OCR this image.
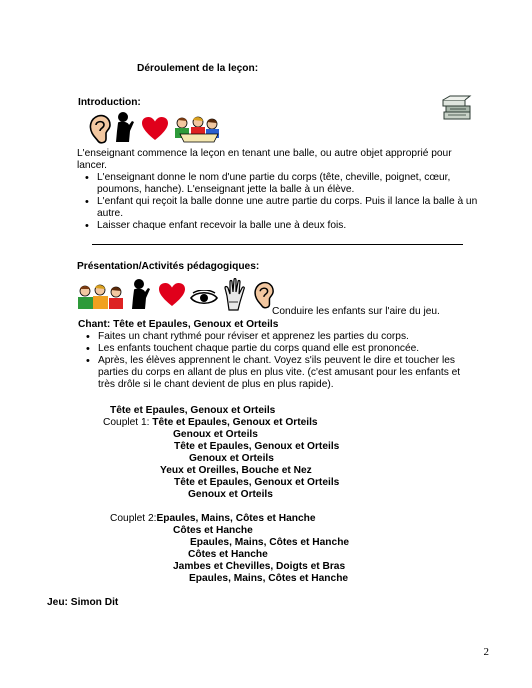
Déroulement de la leçon:
Introduction:
L'enseignant commence la leçon en tenant une balle, ou autre objet approprié pour lancer.
• L'enseignant donne le nom d'une partie du corps (tête, cheville, poignet, cœur, poumons, hanche). L'enseignant jette la balle à un élève.
• L'enfant qui reçoit la balle donne une autre partie du corps. Puis il lance la balle à un autre.
• Laisser chaque enfant recevoir la balle une à deux fois.
Présentation/Activités pédagogiques:
Conduire les enfants sur l'aire du jeu.
Chant: Tête et Epaules, Genoux et Orteils
• Faites un chant rythmé pour réviser et apprenez les parties du corps.
• Les enfants touchent chaque partie du corps quand elle est prononcée.
• Après, les élèves apprennent le chant. Voyez s'ils peuvent le dire et toucher les parties du corps en allant de plus en plus vite. (c'est amusant pour les enfants et très drôle si le chant devient de plus en plus rapide).
Tête et Epaules, Genoux et Orteils
Couplet 1: Tête et Epaules, Genoux et Orteils
Genoux et Orteils
Tête et Epaules, Genoux et Orteils
Genoux et Orteils
Yeux et Oreilles, Bouche et Nez
Tête et Epaules, Genoux et Orteils
Genoux et Orteils
Couplet 2:Epaules, Mains, Côtes et Hanche
Côtes et Hanche
Epaules, Mains, Côtes et Hanche
Côtes et Hanche
Jambes et Chevilles, Doigts et Bras
Epaules, Mains, Côtes et Hanche
Jeu: Simon Dit
2
